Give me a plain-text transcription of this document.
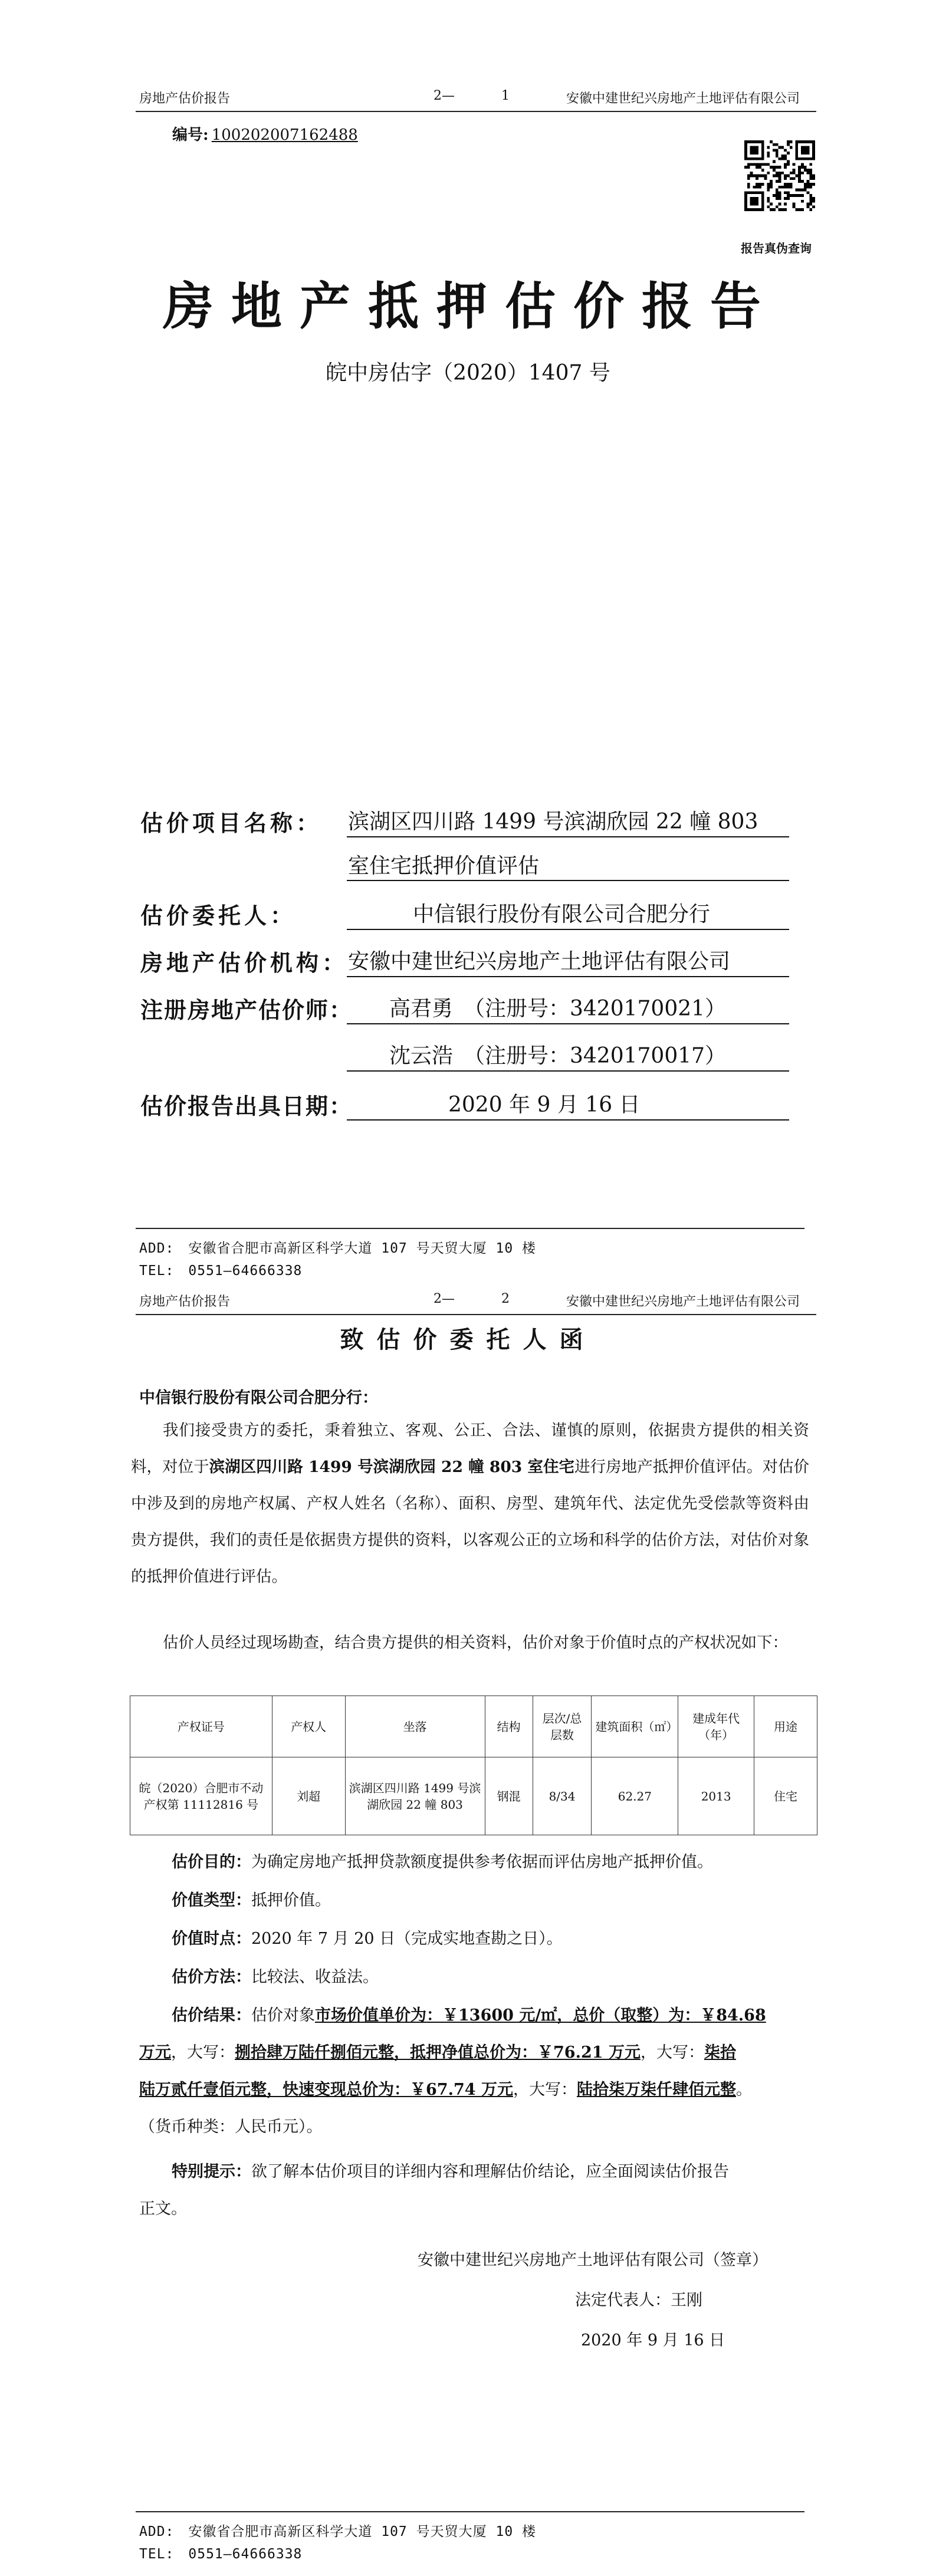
房地产估价报告	2—	1	安徽中建世纪兴房地产土地评估有限公司
编号: 100202007162488
报告真伪查询
房地产抵押估价报告
皖中房估字（2020）1407 号
估价项目名称： 滨湖区四川路 1499 号滨湖欣园 22 幢 803
室住宅抵押价值评估
估价委托人：	中信银行股份有限公司合肥分行
房地产估价机构： 安徽中建世纪兴房地产土地评估有限公司
注册房地产估价师： 高君勇　（注册号：3420170021）
沈云浩　（注册号：3420170017）
估价报告出具日期：	2020 年 9 月 16 日
ADD:　安徽省合肥市高新区科学大道 107 号天贸大厦 10 楼
TEL:　0551—64666338
房地产估价报告	2—	2	安徽中建世纪兴房地产土地评估有限公司
致估价委托人函
中信银行股份有限公司合肥分行：
我们接受贵方的委托，秉着独立、客观、公正、合法、谨慎的原则，依据贵方提供的相关资料，对位于滨湖区四川路 1499 号滨湖欣园 22 幢 803 室住宅进行房地产抵押价值评估。对估价中涉及到的房地产权属、产权人姓名（名称）、面积、房型、建筑年代、法定优先受偿款等资料由贵方提供，我们的责任是依据贵方提供的资料，以客观公正的立场和科学的估价方法，对估价对象的抵押价值进行评估。
估价人员经过现场勘查，结合贵方提供的相关资料，估价对象于价值时点的产权状况如下：
产权证号	产权人	坐落	结构	层次/总层数	建筑面积（㎡）	建成年代（年）	用途
皖（2020）合肥市不动产权第 11112816 号	刘超	滨湖区四川路 1499 号滨湖欣园 22 幢 803	钢混	8/34	62.27	2013	住宅
估价目的：为确定房地产抵押贷款额度提供参考依据而评估房地产抵押价值。
价值类型：抵押价值。
价值时点：2020 年 7 月 20 日（完成实地查勘之日）。
估价方法：比较法、收益法。
估价结果：估价对象市场价值单价为：￥13600 元/㎡，总价（取整）为：￥84.68
万元，大写：捌拾肆万陆仟捌佰元整，抵押净值总价为：￥76.21 万元，大写：柒拾
陆万贰仟壹佰元整，快速变现总价为：￥67.74 万元，大写：陆拾柒万柒仟肆佰元整。
（货币种类：人民币元）。
特别提示：欲了解本估价项目的详细内容和理解估价结论，应全面阅读估价报告
正文。
安徽中建世纪兴房地产土地评估有限公司（签章）
法定代表人：王刚
2020 年 9 月 16 日
ADD:　安徽省合肥市高新区科学大道 107 号天贸大厦 10 楼
TEL:　0551—64666338
